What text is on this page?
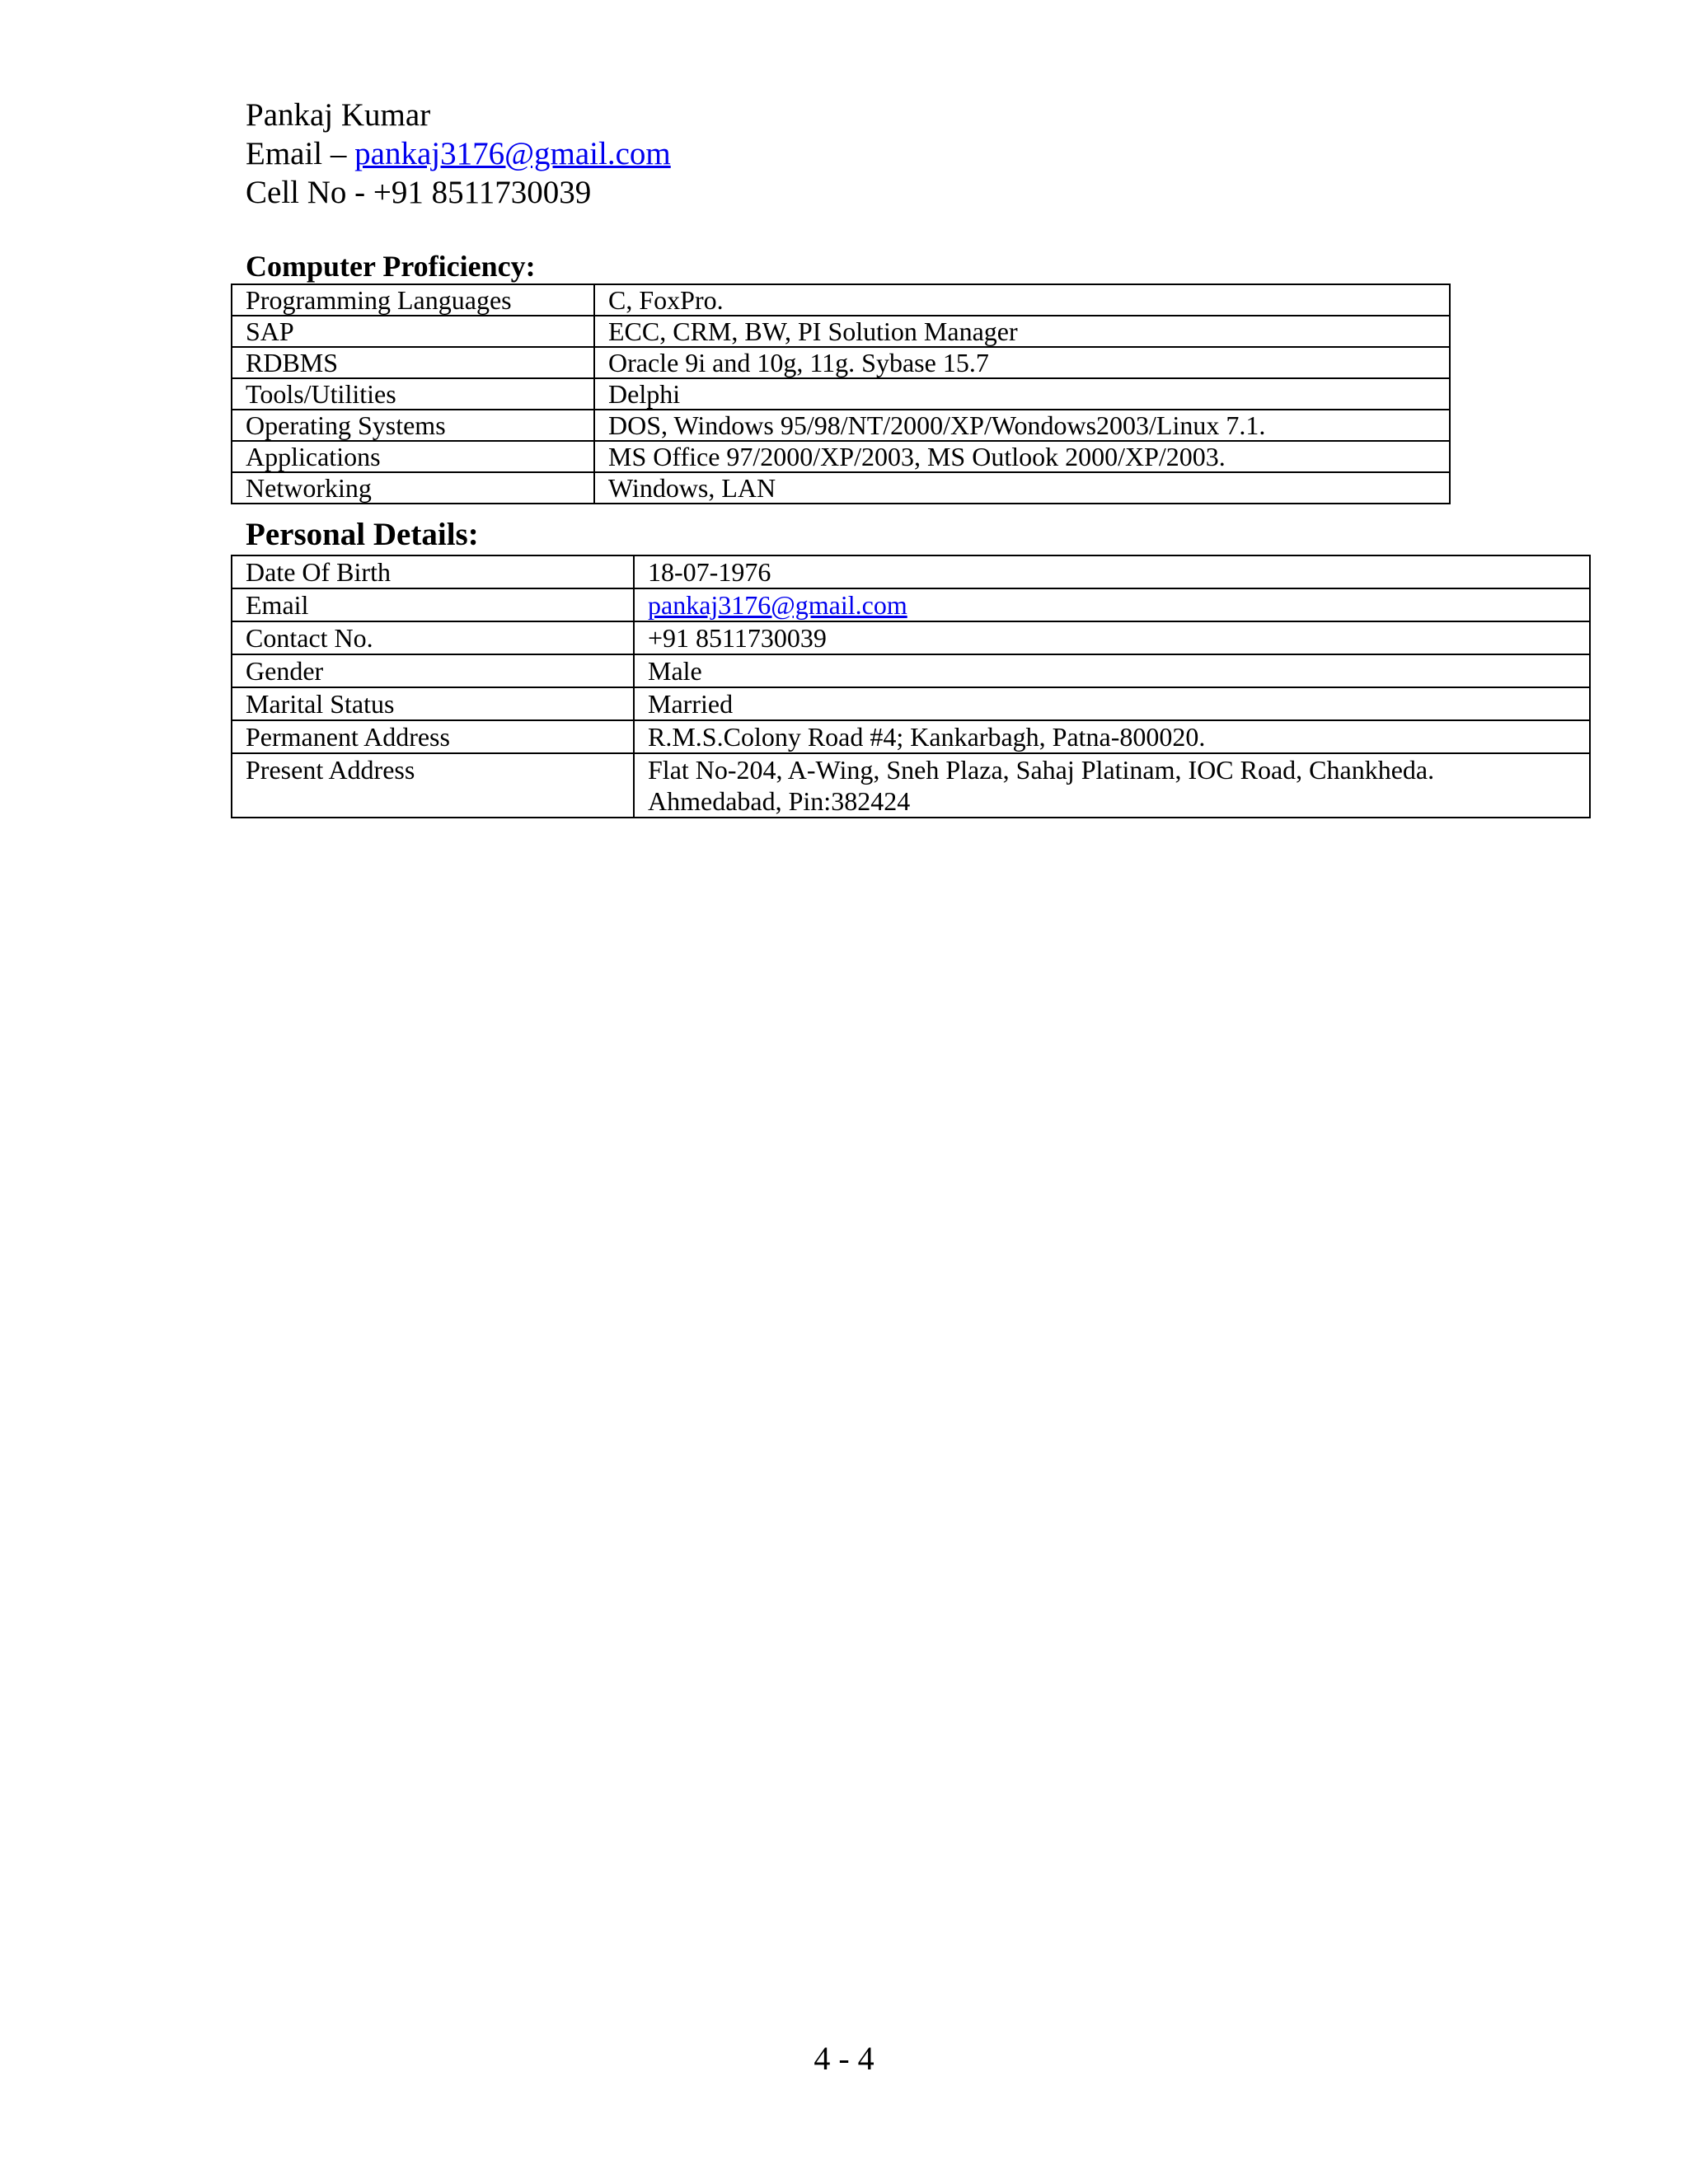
Pankaj Kumar
Email – pankaj3176@gmail.com
Cell No - +91 8511730039
Computer Proficiency:
Programming Languages	C, FoxPro.
SAP	ECC, CRM, BW, PI Solution Manager
RDBMS	Oracle 9i and 10g, 11g. Sybase 15.7
Tools/Utilities	Delphi
Operating Systems	DOS, Windows 95/98/NT/2000/XP/Wondows2003/Linux 7.1.
Applications	MS Office 97/2000/XP/2003, MS Outlook 2000/XP/2003.
Networking	Windows, LAN
Personal Details:
Date Of Birth	18-07-1976
Email	pankaj3176@gmail.com
Contact No.	+91 8511730039
Gender	Male
Marital Status	Married
Permanent Address	R.M.S.Colony Road #4; Kankarbagh, Patna-800020.
Present Address	Flat No-204, A-Wing, Sneh Plaza, Sahaj Platinam, IOC Road, Chankheda.
Ahmedabad, Pin:382424
4 - 4
